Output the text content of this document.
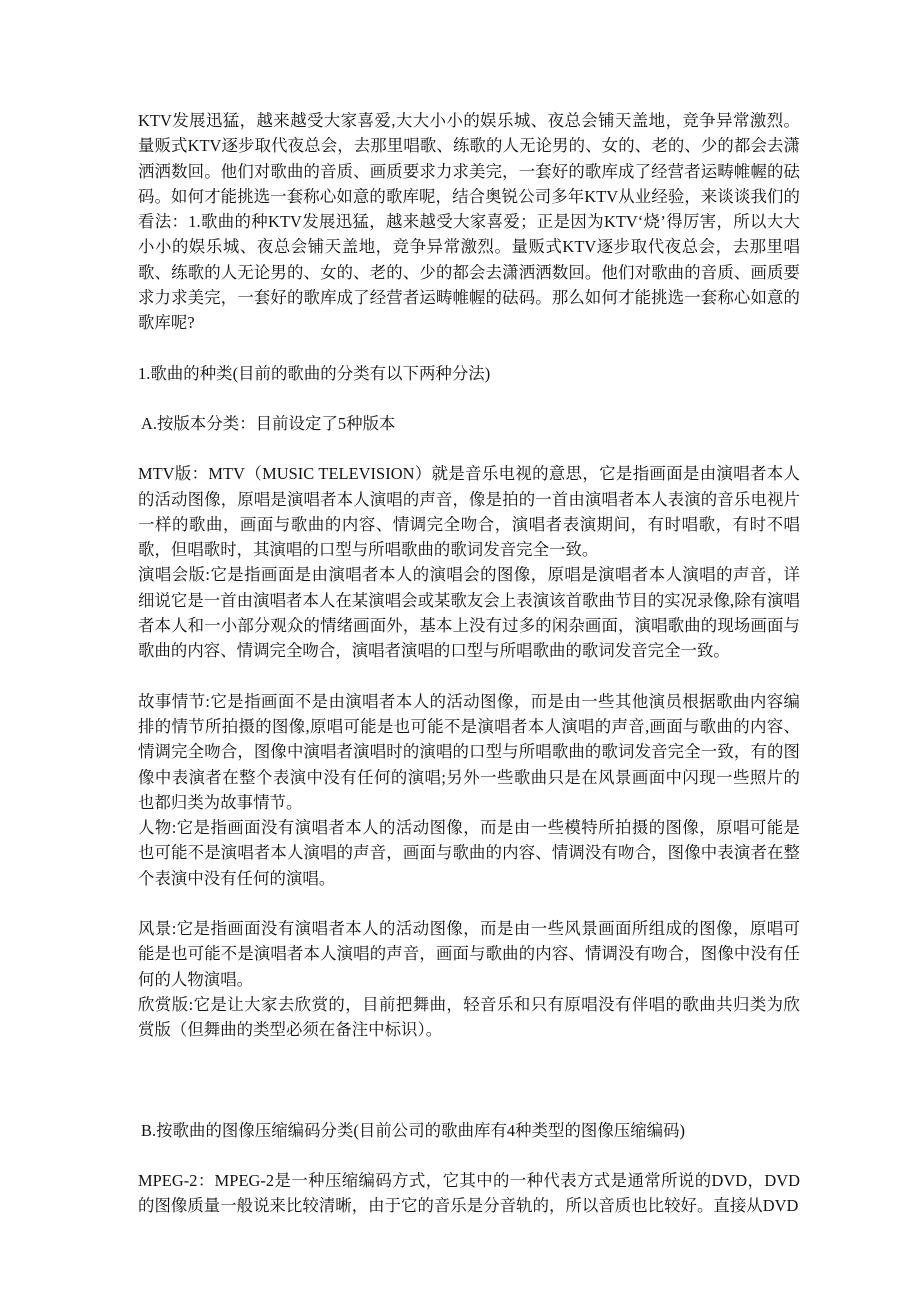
KTV发展迅猛，越来越受大家喜爱,大大小小的娱乐城、夜总会铺天盖地，竞争异常激烈。量贩式KTV逐步取代夜总会，去那里唱歌、练歌的人无论男的、女的、老的、少的都会去潇洒洒数回。他们对歌曲的音质、画质要求力求美完，一套好的歌库成了经营者运畴帷幄的砝码。如何才能挑选一套称心如意的歌库呢，结合奥锐公司多年KTV从业经验，来谈谈我们的看法：1.歌曲的种KTV发展迅猛，越来越受大家喜爱；正是因为KTV‘烧’得厉害，所以大大小小的娱乐城、夜总会铺天盖地，竞争异常激烈。量贩式KTV逐步取代夜总会，去那里唱歌、练歌的人无论男的、女的、老的、少的都会去潇洒洒数回。他们对歌曲的音质、画质要求力求美完，一套好的歌库成了经营者运畴帷幄的砝码。那么如何才能挑选一套称心如意的歌库呢?

1.歌曲的种类(目前的歌曲的分类有以下两种分法)

A.按版本分类：目前设定了5种版本

MTV版：MTV（MUSIC TELEVISION）就是音乐电视的意思，它是指画面是由演唱者本人的活动图像，原唱是演唱者本人演唱的声音，像是拍的一首由演唱者本人表演的音乐电视片一样的歌曲，画面与歌曲的内容、情调完全吻合，演唱者表演期间，有时唱歌，有时不唱歌，但唱歌时，其演唱的口型与所唱歌曲的歌词发音完全一致。

演唱会版:它是指画面是由演唱者本人的演唱会的图像，原唱是演唱者本人演唱的声音，详细说它是一首由演唱者本人在某演唱会或某歌友会上表演该首歌曲节目的实况录像,除有演唱者本人和一小部分观众的情绪画面外，基本上没有过多的闲杂画面，演唱歌曲的现场画面与歌曲的内容、情调完全吻合，演唱者演唱的口型与所唱歌曲的歌词发音完全一致。

故事情节:它是指画面不是由演唱者本人的活动图像，而是由一些其他演员根据歌曲内容编排的情节所拍摄的图像,原唱可能是也可能不是演唱者本人演唱的声音,画面与歌曲的内容、情调完全吻合，图像中演唱者演唱时的演唱的口型与所唱歌曲的歌词发音完全一致，有的图像中表演者在整个表演中没有任何的演唱;另外一些歌曲只是在风景画面中闪现一些照片的也都归类为故事情节。

人物:它是指画面没有演唱者本人的活动图像，而是由一些模特所拍摄的图像，原唱可能是也可能不是演唱者本人演唱的声音，画面与歌曲的内容、情调没有吻合，图像中表演者在整个表演中没有任何的演唱。

风景:它是指画面没有演唱者本人的活动图像，而是由一些风景画面所组成的图像，原唱可能是也可能不是演唱者本人演唱的声音，画面与歌曲的内容、情调没有吻合，图像中没有任何的人物演唱。

欣赏版:它是让大家去欣赏的，目前把舞曲，轻音乐和只有原唱没有伴唱的歌曲共归类为欣赏版（但舞曲的类型必须在备注中标识）。

B.按歌曲的图像压缩编码分类(目前公司的歌曲库有4种类型的图像压缩编码)

MPEG-2：MPEG-2是一种压缩编码方式，它其中的一种代表方式是通常所说的DVD，DVD的图像质量一般说来比较清晰，由于它的音乐是分音轨的，所以音质也比较好。直接从DVD
